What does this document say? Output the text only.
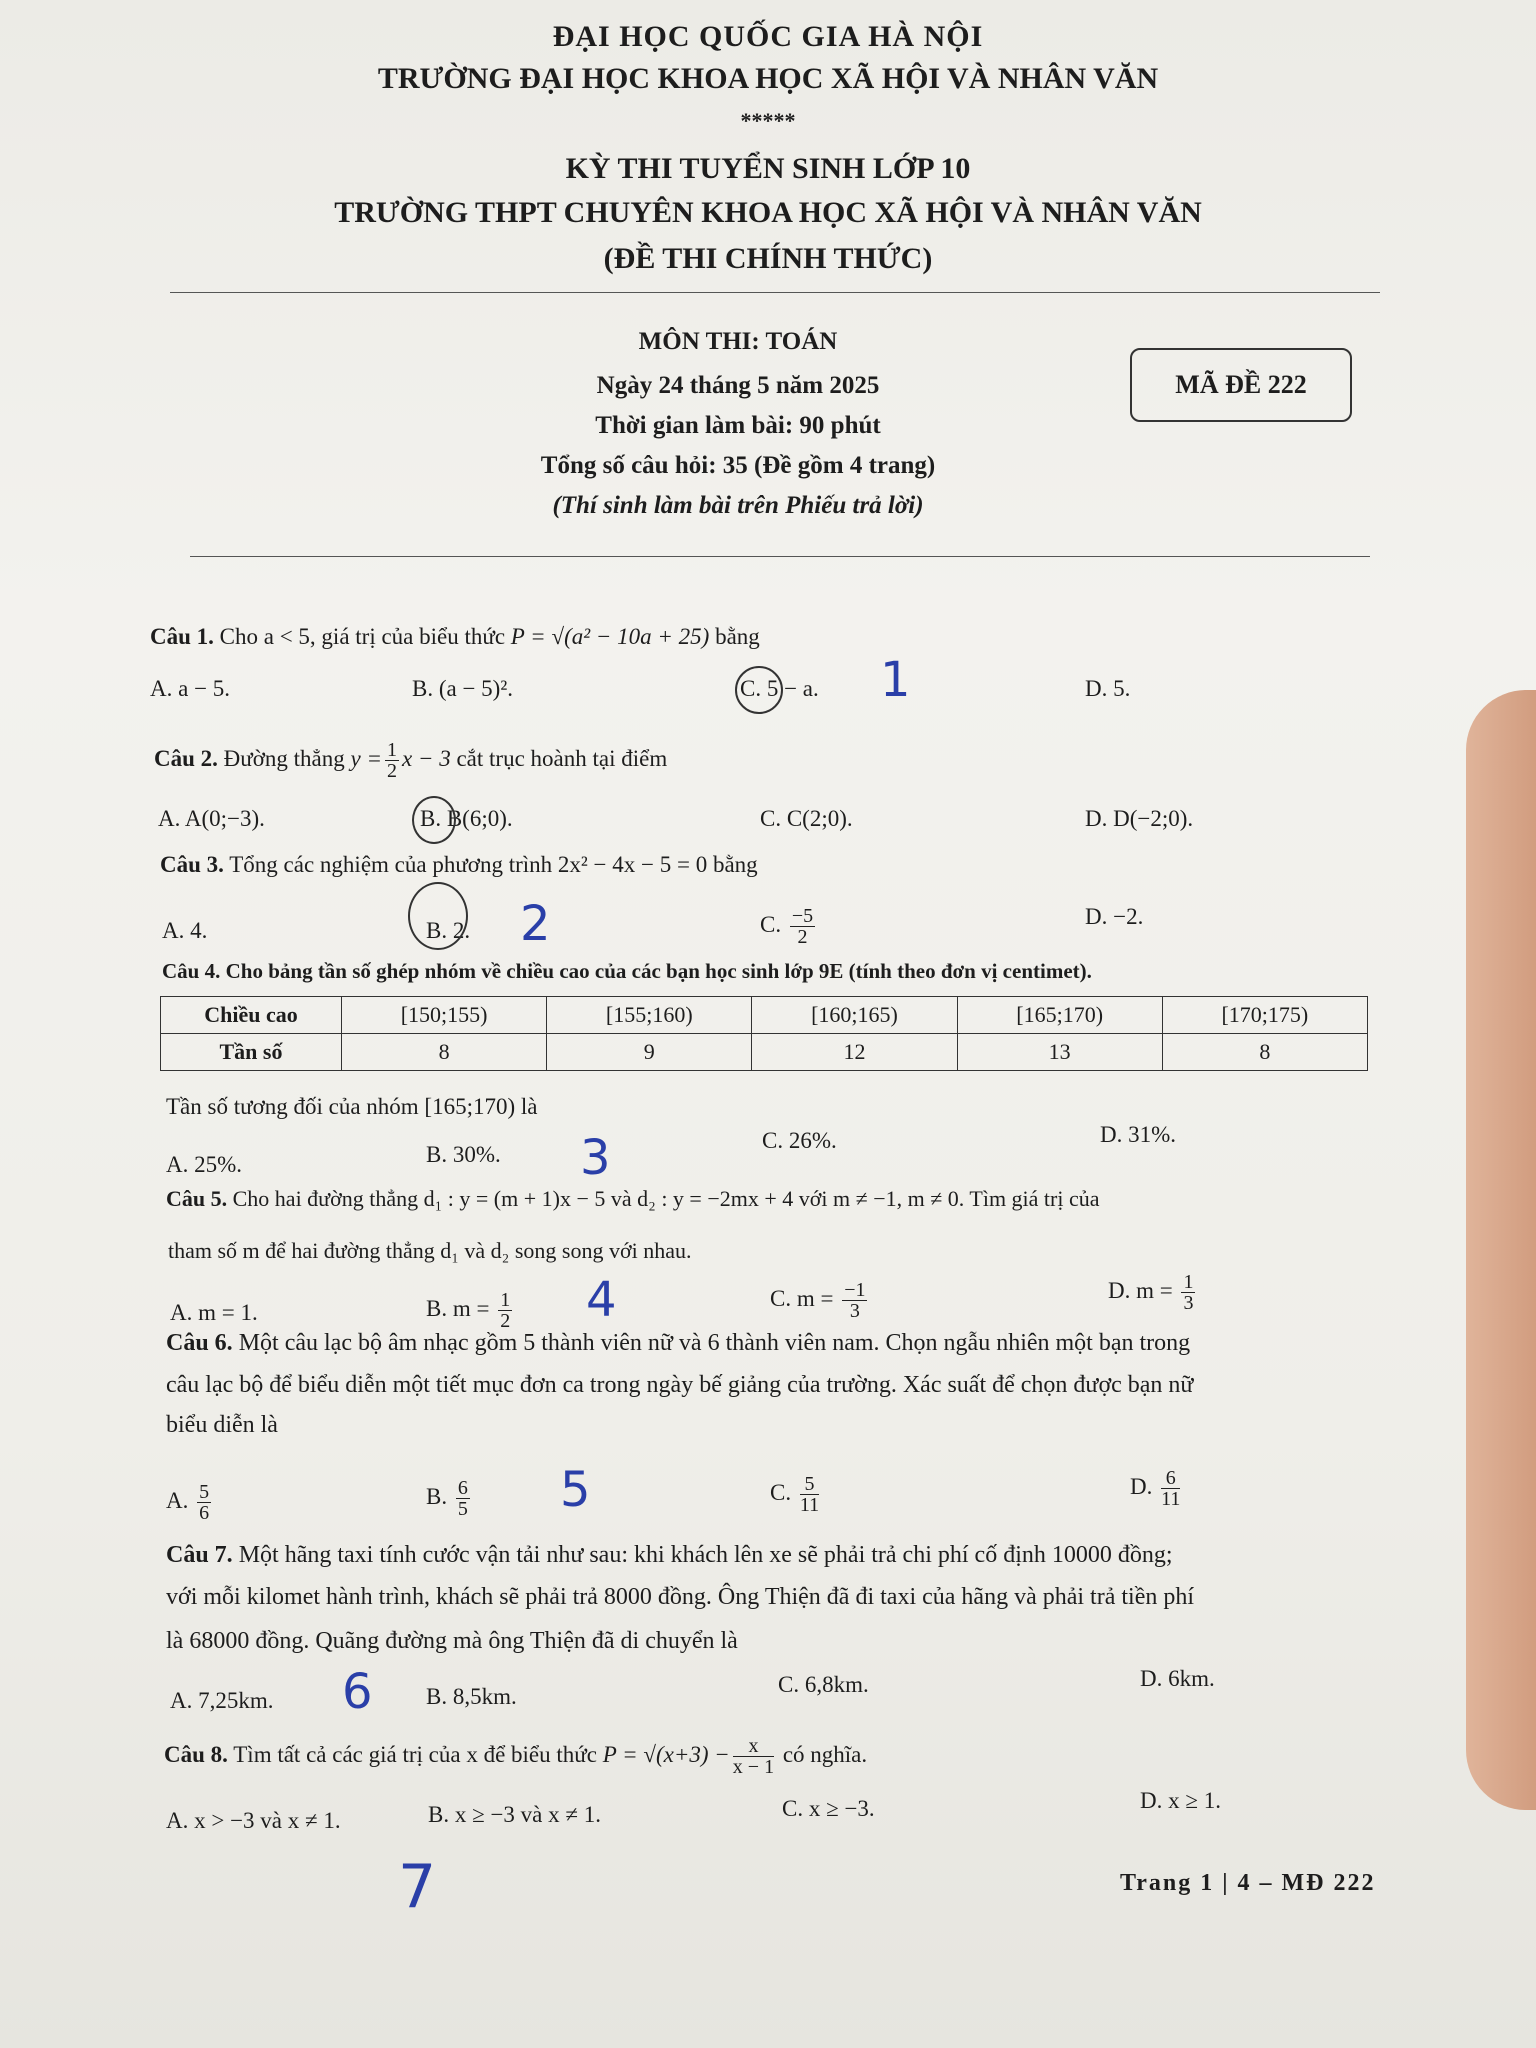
ĐẠI HỌC QUỐC GIA HÀ NỘI
TRƯỜNG ĐẠI HỌC KHOA HỌC XÃ HỘI VÀ NHÂN VĂN
*****
KỲ THI TUYỂN SINH LỚP 10
TRƯỜNG THPT CHUYÊN KHOA HỌC XÃ HỘI VÀ NHÂN VĂN
(ĐỀ THI CHÍNH THỨC)
MÔN THI: TOÁN
Ngày 24 tháng 5 năm 2025
Thời gian làm bài: 90 phút
Tổng số câu hỏi: 35 (Đề gồm 4 trang)
(Thí sinh làm bài trên Phiếu trả lời)
MÃ ĐỀ 222
Câu 1. Cho a < 5, giá trị của biểu thức P = √(a² − 10a + 25) bằng
A. a − 5.	B. (a − 5)².	C. 5 − a.	D. 5.
1
Câu 2. Đường thẳng $y = \frac{1}{2}$ x − 3 cắt trục hoành tại điểm
A. A(0;−3).	B. B(6;0).	C. C(2;0).	D. D(−2;0).
Câu 3. Tổng các nghiệm của phương trình 2x² − 4x − 5 = 0 bằng
A. 4.	B. 2.	C. $\frac{-5}{2}$	D. −2.
2
Câu 4. Cho bảng tần số ghép nhóm về chiều cao của các bạn học sinh lớp 9E (tính theo đơn vị centimet).
Chiều cao	[150;155)	[155;160)	[160;165)	[165;170)	[170;175)
Tần số	8	9	12	13	8
Tần số tương đối của nhóm [165;170) là
A. 25%.	B. 30%.
C. 26%.	D. 31%.
3
Câu 5. Cho hai đường thẳng d₁ : y = (m + 1)x − 5 và d₂ : y = −2mx + 4 với m ≠ −1, m ≠ 0. Tìm giá trị của
tham số m để hai đường thẳng d₁ và d₂ song song với nhau.
A. m = 1.	B. $m = \frac{1}{2}$	C. $m = \frac{-1}{3}$	D. $m = \frac{1}{3}$
4
Câu 6. Một câu lạc bộ âm nhạc gồm 5 thành viên nữ và 6 thành viên nam. Chọn ngẫu nhiên một bạn trong
câu lạc bộ để biểu diễn một tiết mục đơn ca trong ngày bế giảng của trường. Xác suất để chọn được bạn nữ
biểu diễn là
A. $\frac{5}{6}$	B. $\frac{6}{5}$	C. $\frac{5}{11}$	D. $\frac{6}{11}$
5
Câu 7. Một hãng taxi tính cước vận tải như sau: khi khách lên xe sẽ phải trả chi phí cố định 10000 đồng;
với mỗi kilomet hành trình, khách sẽ phải trả 8000 đồng. Ông Thiện đã đi taxi của hãng và phải trả tiền phí
là 68000 đồng. Quãng đường mà ông Thiện đã di chuyển là
A. 7,25km.	B. 8,5km.	C. 6,8km.	D. 6km.
6
Câu 8. Tìm tất cả các giá trị của x để biểu thức $P = √(x+3) - \frac{x}{x - 1}$ có nghĩa.
A. x > −3 và x ≠ 1.	B. x ≥ −3 và x ≠ 1.	C. x ≥ −3.	D. x ≥ 1.
7	Trang 1 | 4 – MĐ 222
